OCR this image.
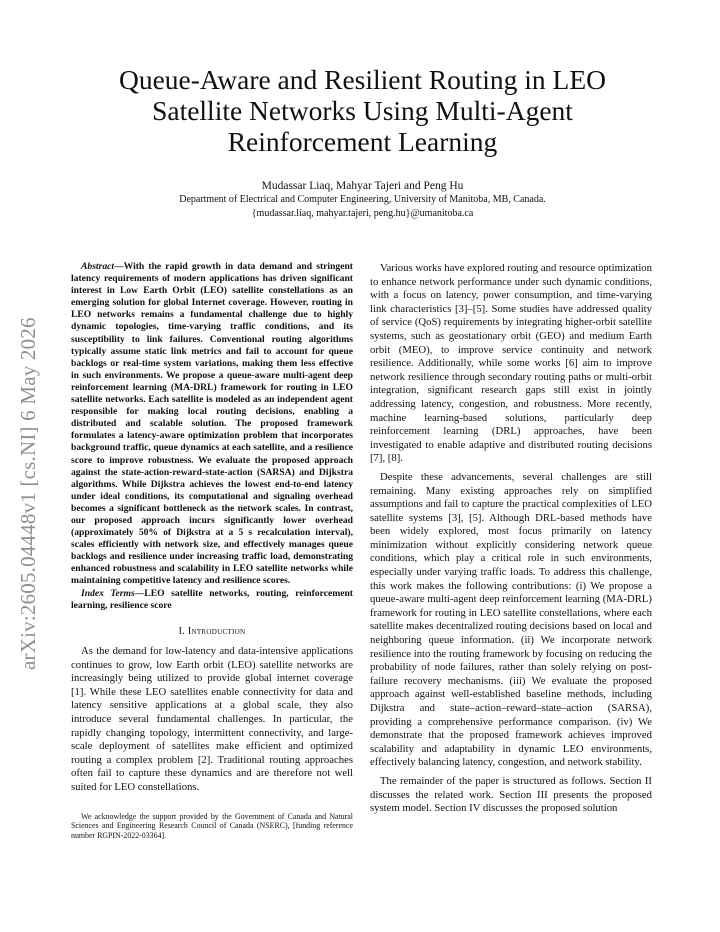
arXiv:2605.04448v1 [cs.NI] 6 May 2026
Queue-Aware and Resilient Routing in LEO Satellite Networks Using Multi-Agent Reinforcement Learning
Mudassar Liaq, Mahyar Tajeri and Peng Hu
Department of Electrical and Computer Engineering, University of Manitoba, MB, Canada.
{mudassar.liaq, mahyar.tajeri, peng.hu}@umanitoba.ca

Abstract—With the rapid growth in data demand and stringent latency requirements of modern applications has driven significant interest in Low Earth Orbit (LEO) satellite constellations as an emerging solution for global Internet coverage. However, routing in LEO networks remains a fundamental challenge due to highly dynamic topologies, time-varying traffic conditions, and its susceptibility to link failures. Conventional routing algorithms typically assume static link metrics and fail to account for queue backlogs or real-time system variations, making them less effective in such environments. We propose a queue-aware multi-agent deep reinforcement learning (MA-DRL) framework for routing in LEO satellite networks. Each satellite is modeled as an independent agent responsible for making local routing decisions, enabling a distributed and scalable solution. The proposed framework formulates a latency-aware optimization problem that incorporates background traffic, queue dynamics at each satellite, and a resilience score to improve robustness. We evaluate the proposed approach against the state-action-reward-state-action (SARSA) and Dijkstra algorithms. While Dijkstra achieves the lowest end-to-end latency under ideal conditions, its computational and signaling overhead becomes a significant bottleneck as the network scales. In contrast, our proposed approach incurs significantly lower overhead (approximately 50% of Dijkstra at a 5 s recalculation interval), scales efficiently with network size, and effectively manages queue backlogs and resilience under increasing traffic load, demonstrating enhanced robustness and scalability in LEO satellite networks while maintaining competitive latency and resilience scores.

Index Terms—LEO satellite networks, routing, reinforcement learning, resilience score

I. Introduction

As the demand for low-latency and data-intensive applications continues to grow, low Earth orbit (LEO) satellite networks are increasingly being utilized to provide global internet coverage [1]. While these LEO satellites enable connectivity for data and latency sensitive applications at a global scale, they also introduce several fundamental challenges. In particular, the rapidly changing topology, intermittent connectivity, and large-scale deployment of satellites make efficient and optimized routing a complex problem [2]. Traditional routing approaches often fail to capture these dynamics and are therefore not well suited for LEO constellations.

We acknowledge the support provided by the Government of Canada and Natural Sciences and Engineering Research Council of Canada (NSERC), [funding reference number RGPIN-2022-03364].

Various works have explored routing and resource optimization to enhance network performance under such dynamic conditions, with a focus on latency, power consumption, and time-varying link characteristics [3]–[5]. Some studies have addressed quality of service (QoS) requirements by integrating higher-orbit satellite systems, such as geostationary orbit (GEO) and medium Earth orbit (MEO), to improve service continuity and network resilience. Additionally, while some works [6] aim to improve network resilience through secondary routing paths or multi-orbit integration, significant research gaps still exist in jointly addressing latency, congestion, and robustness. More recently, machine learning-based solutions, particularly deep reinforcement learning (DRL) approaches, have been investigated to enable adaptive and distributed routing decisions [7], [8].

Despite these advancements, several challenges are still remaining. Many existing approaches rely on simplified assumptions and fail to capture the practical complexities of LEO satellite systems [3], [5]. Although DRL-based methods have been widely explored, most focus primarily on latency minimization without explicitly considering network queue conditions, which play a critical role in such environments, especially under varying traffic loads. To address this challenge, this work makes the following contributions: (i) We propose a queue-aware multi-agent deep reinforcement learning (MA-DRL) framework for routing in LEO satellite constellations, where each satellite makes decentralized routing decisions based on local and neighboring queue information. (ii) We incorporate network resilience into the routing framework by focusing on reducing the probability of node failures, rather than solely relying on post-failure recovery mechanisms. (iii) We evaluate the proposed approach against well-established baseline methods, including Dijkstra and state–action–reward–state–action (SARSA), providing a comprehensive performance comparison. (iv) We demonstrate that the proposed framework achieves improved scalability and adaptability in dynamic LEO environments, effectively balancing latency, congestion, and network stability.

The remainder of the paper is structured as follows. Section II discusses the related work. Section III presents the proposed system model. Section IV discusses the proposed solution
